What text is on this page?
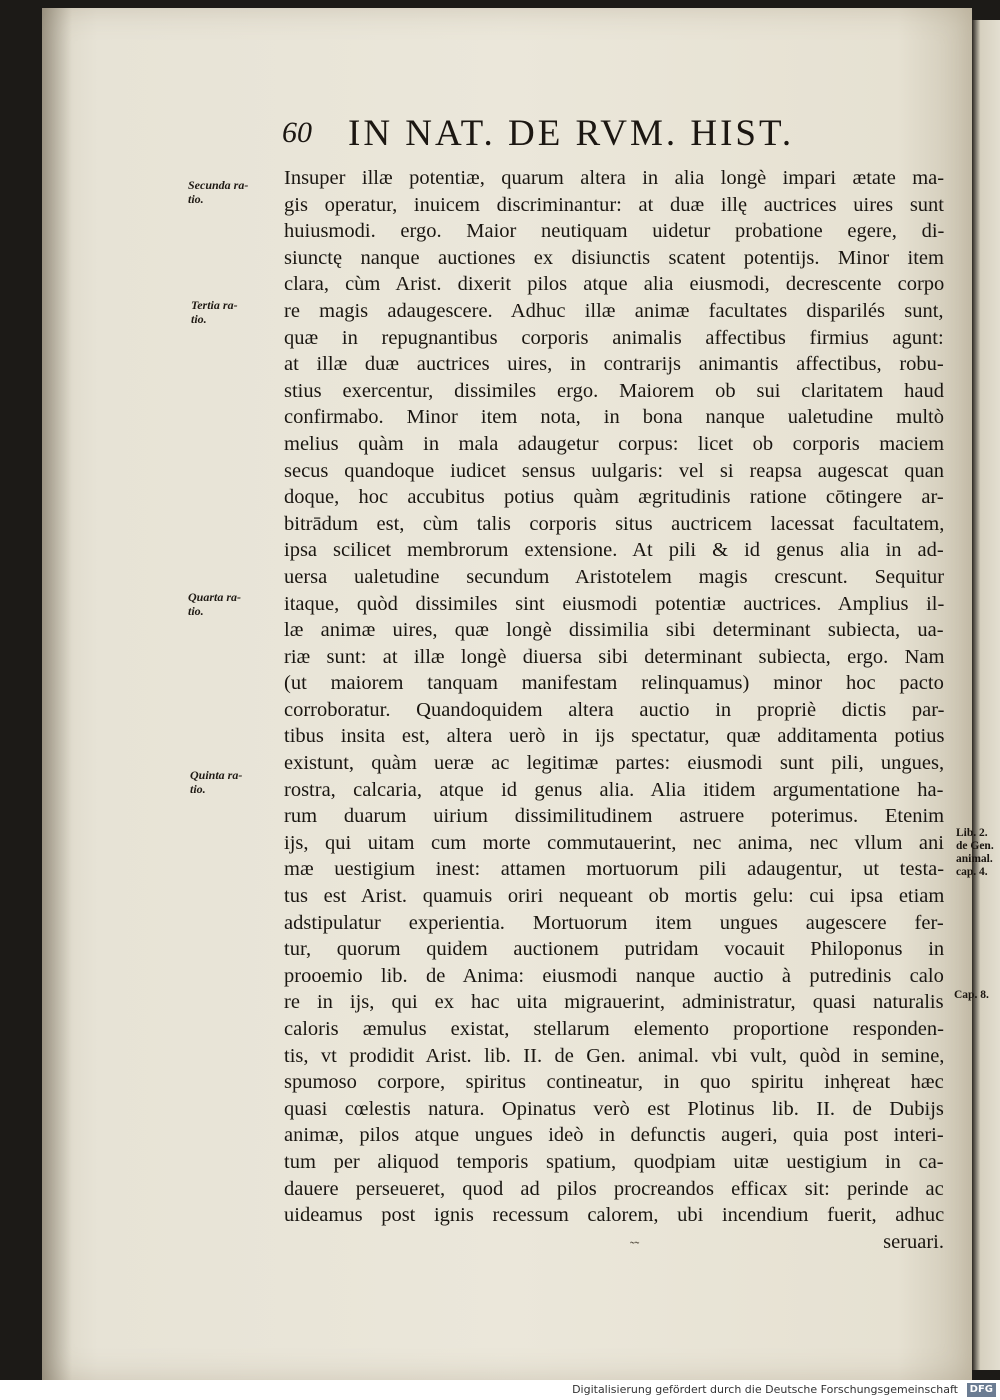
60 IN NAT. DE RVM. HIST.
Secunda ra-
tio.
Tertia ra-
tio.
Quarta ra-
tio.
Quinta ra-
tio.
Insuper illæ potentiæ, quarum altera in alia longè impari ætate ma-
gis operatur, inuicem discriminantur: at duæ illę auctrices uires sunt
huiusmodi. ergo. Maior neutiquam uidetur probatione egere, di-
siunctę nanque auctiones ex disiunctis scatent potentijs. Minor item
clara, cùm Arist. dixerit pilos atque alia eiusmodi, decrescente corpo
re magis adaugescere. Adhuc illæ animæ facultates disparilés sunt,
quæ in repugnantibus corporis animalis affectibus firmius agunt:
at illæ duæ auctrices uires, in contrarijs animantis affectibus, robu-
stius exercentur, dissimiles ergo. Maiorem ob sui claritatem haud
confirmabo. Minor item nota, in bona nanque ualetudine multò
melius quàm in mala adaugetur corpus: licet ob corporis maciem
secus quandoque iudicet sensus uulgaris: vel si reapsa augescat quan
doque, hoc accubitus potius quàm ægritudinis ratione cōtingere ar-
bitrādum est, cùm talis corporis situs auctricem lacessat facultatem,
ipsa scilicet membrorum extensione. At pili & id genus alia in ad-
uersa ualetudine secundum Aristotelem magis crescunt. Sequitur
itaque, quòd dissimiles sint eiusmodi potentiæ auctrices. Amplius il-
læ animæ uires, quæ longè dissimilia sibi determinant subiecta, ua-
riæ sunt: at illæ longè diuersa sibi determinant subiecta, ergo. Nam
(ut maiorem tanquam manifestam relinquamus) minor hoc pacto
corroboratur. Quandoquidem altera auctio in propriè dictis par-
tibus insita est, altera uerò in ijs spectatur, quæ additamenta potius
existunt, quàm ueræ ac legitimæ partes: eiusmodi sunt pili, ungues,
rostra, calcaria, atque id genus alia. Alia itidem argumentatione ha-
rum duarum uirium dissimilitudinem astruere poterimus. Etenim
ijs, qui uitam cum morte commutauerint, nec anima, nec vllum ani
mæ uestigium inest: attamen mortuorum pili adaugentur, ut testa-
tus est Arist. quamuis oriri nequeant ob mortis gelu: cui ipsa etiam
adstipulatur experientia. Mortuorum item ungues augescere fer-
tur, quorum quidem auctionem putridam vocauit Philoponus in
prooemio lib. de Anima: eiusmodi nanque auctio à putredinis calo
re in ijs, qui ex hac uita migrauerint, administratur, quasi naturalis
caloris æmulus existat, stellarum elemento proportione responden-
tis, vt prodidit Arist. lib. II. de Gen. animal. vbi vult, quòd in semine,
spumoso corpore, spiritus contineatur, in quo spiritu inhęreat hæc
quasi cœlestis natura. Opinatus verò est Plotinus lib. II. de Dubijs
animæ, pilos atque ungues ideò in defunctis augeri, quia post interi-
tum per aliquod temporis spatium, quodpiam uitæ uestigium in ca-
dauere perseueret, quod ad pilos procreandos efficax sit: perinde ac
uideamus post ignis recessum calorem, ubi incendium fuerit, adhuc
seruari.
Lib. 2.
de Gen.
animal.
cap. 4.
Cap. 8.
˜˜
Digitalisierung gefördert durch die Deutsche Forschungsgemeinschaft	DFG
